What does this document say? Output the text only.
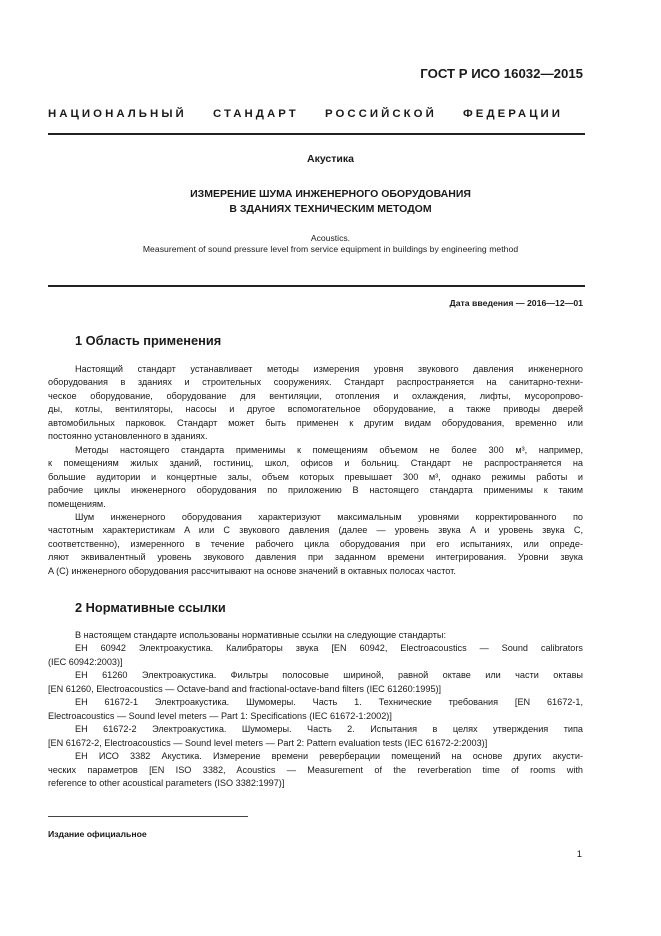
ГОСТ Р ИСО 16032—2015
НАЦИОНАЛЬНЫЙ СТАНДАРТ РОССИЙСКОЙ ФЕДЕРАЦИИ
Акустика
ИЗМЕРЕНИЕ ШУМА ИНЖЕНЕРНОГО ОБОРУДОВАНИЯ
В ЗДАНИЯХ ТЕХНИЧЕСКИМ МЕТОДОМ
Acoustics.
Measurement of sound pressure level from service equipment in buildings by engineering method
Дата введения — 2016—12—01
1 Область применения
Настоящий стандарт устанавливает методы измерения уровня звукового давления инженерного
оборудования в зданиях и строительных сооружениях. Стандарт распространяется на санитарно-техни-
ческое оборудование, оборудование для вентиляции, отопления и охлаждения, лифты, мусоропрово-
ды, котлы, вентиляторы, насосы и другое вспомогательное оборудование, а также приводы дверей
автомобильных парковок. Стандарт может быть применен к другим видам оборудования, временно или
постоянно установленного в зданиях.
Методы настоящего стандарта применимы к помещениям объемом не более 300 м³, например,
к помещениям жилых зданий, гостиниц, школ, офисов и больниц. Стандарт не распространяется на
большие аудитории и концертные залы, объем которых превышает 300 м³, однако режимы работы и
рабочие циклы инженерного оборудования по приложению В настоящего стандарта применимы к таким
помещениям.
Шум инженерного оборудования характеризуют максимальным уровнями корректированного по
частотным характеристикам A или C звукового давления (далее — уровень звука A и уровень звука C,
соответственно), измеренного в течение рабочего цикла оборудования при его испытаниях, или опреде-
ляют эквивалентный уровень звукового давления при заданном времени интегрирования. Уровни звука
A (C) инженерного оборудования рассчитывают на основе значений в октавных полосах частот.
2 Нормативные ссылки
В настоящем стандарте использованы нормативные ссылки на следующие стандарты:
ЕН 60942 Электроакустика. Калибраторы звука [EN 60942, Electroacoustics — Sound calibrators
(IEC 60942:2003)]
ЕН 61260 Электроакустика. Фильтры полосовые шириной, равной октаве или части октавы
[EN 61260, Electroacoustics — Octave-band and fractional-octave-band filters (IEC 61260:1995)]
ЕН 61672-1 Электроакустика. Шумомеры. Часть 1. Технические требования [EN 61672-1,
Electroacoustics — Sound level meters — Part 1: Specifications (IEC 61672-1:2002)]
ЕН 61672-2 Электроакустика. Шумомеры. Часть 2. Испытания в целях утверждения типа
[EN 61672-2, Electroacoustics — Sound level meters — Part 2: Pattern evaluation tests (IEC 61672-2:2003)]
ЕН ИСО 3382 Акустика. Измерение времени реверберации помещений на основе других акусти-
ческих параметров [EN ISO 3382, Acoustics — Measurement of the reverberation time of rooms with
reference to other acoustical parameters (ISO 3382:1997)]
Издание официальное
1
